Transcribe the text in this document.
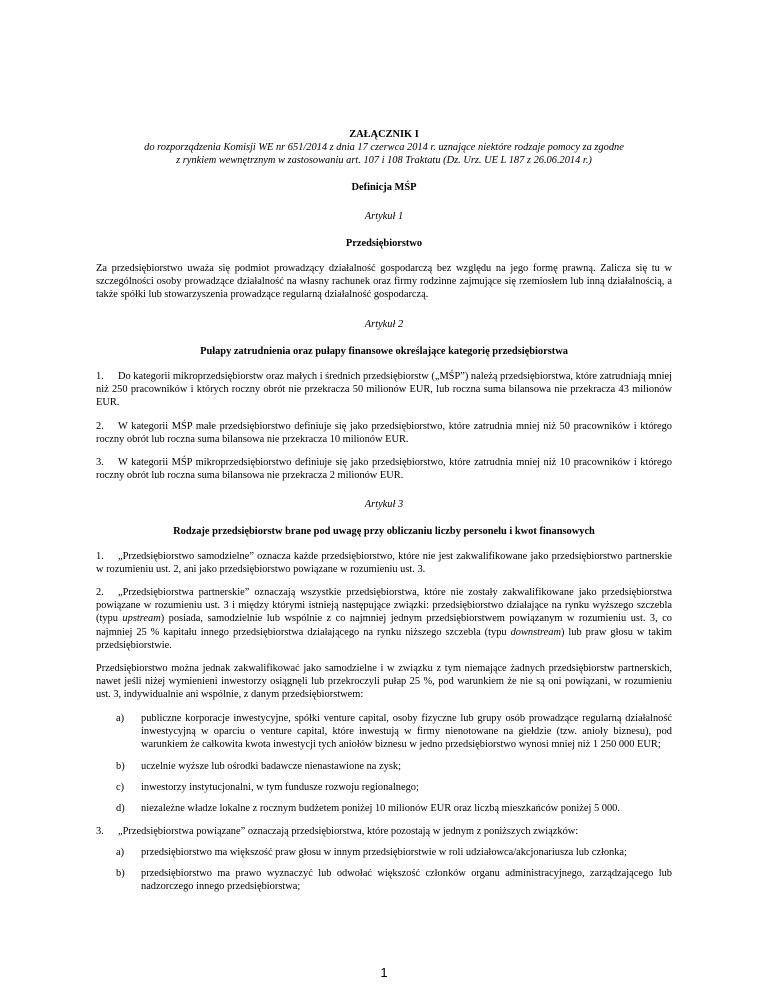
ZAŁĄCZNIK I
do rozporządzenia Komisji WE nr 651/2014 z dnia 17 czerwca 2014 r. uznające niektóre rodzaje pomocy za zgodne
z rynkiem wewnętrznym w zastosowaniu art. 107 i 108 Traktatu (Dz. Urz. UE L 187 z 26.06.2014 r.)
Definicja MŚP
Artykuł 1
Przedsiębiorstwo
Za przedsiębiorstwo uważa się podmiot prowadzący działalność gospodarczą bez względu na jego formę prawną. Zalicza się tu w szczególności osoby prowadzące działalność na własny rachunek oraz firmy rodzinne zajmujące się rzemiosłem lub inną działalnością, a także spółki lub stowarzyszenia prowadzące regularną działalność gospodarczą.
Artykuł 2
Pułapy zatrudnienia oraz pułapy finansowe określające kategorię przedsiębiorstwa
1.	Do kategorii mikroprzedsiębiorstw oraz małych i średnich przedsiębiorstw („MŚP”) należą przedsiębiorstwa, które zatrudniają mniej niż 250 pracowników i których roczny obrót nie przekracza 50 milionów EUR, lub roczna suma bilansowa nie przekracza 43 milionów EUR.
2.	W kategorii MŚP małe przedsiębiorstwo definiuje się jako przedsiębiorstwo, które zatrudnia mniej niż 50 pracowników i którego roczny obrót lub roczna suma bilansowa nie przekracza 10 milionów EUR.
3.	W kategorii MŚP mikroprzedsiębiorstwo definiuje się jako przedsiębiorstwo, które zatrudnia mniej niż 10 pracowników i którego roczny obrót lub roczna suma bilansowa nie przekracza 2 milionów EUR.
Artykuł 3
Rodzaje przedsiębiorstw brane pod uwagę przy obliczaniu liczby personelu i kwot finansowych
1.	„Przedsiębiorstwo samodzielne” oznacza każde przedsiębiorstwo, które nie jest zakwalifikowane jako przedsiębiorstwo partnerskie w rozumieniu ust. 2, ani jako przedsiębiorstwo powiązane w rozumieniu ust. 3.
2.	„Przedsiębiorstwa partnerskie” oznaczają wszystkie przedsiębiorstwa, które nie zostały zakwalifikowane jako przedsiębiorstwa powiązane w rozumieniu ust. 3 i między którymi istnieją następujące związki: przedsiębiorstwo działające na rynku wyższego szczebla (typu upstream) posiada, samodzielnie lub wspólnie z co najmniej jednym przedsiębiorstwem powiązanym w rozumieniu ust. 3, co najmniej 25 % kapitału innego przedsiębiorstwa działającego na rynku niższego szczebla (typu downstream) lub praw głosu w takim przedsiębiorstwie.
Przedsiębiorstwo można jednak zakwalifikować jako samodzielne i w związku z tym niemające żadnych przedsiębiorstw partnerskich, nawet jeśli niżej wymienieni inwestorzy osiągnęli lub przekroczyli pułap 25 %, pod warunkiem że nie są oni powiązani, w rozumieniu ust. 3, indywidualnie ani wspólnie, z danym przedsiębiorstwem:
a) publiczne korporacje inwestycyjne, spółki venture capital, osoby fizyczne lub grupy osób prowadzące regularną działalność inwestycyjną w oparciu o venture capital, które inwestują w firmy nienotowane na giełdzie (tzw. anioły biznesu), pod warunkiem że całkowita kwota inwestycji tych aniołów biznesu w jedno przedsiębiorstwo wynosi mniej niż 1 250 000 EUR;
b) uczelnie wyższe lub ośrodki badawcze nienastawione na zysk;
c) inwestorzy instytucjonalni, w tym fundusze rozwoju regionalnego;
d) niezależne władze lokalne z rocznym budżetem poniżej 10 milionów EUR oraz liczbą mieszkańców poniżej 5 000.
1
3.	„Przedsiębiorstwa powiązane” oznaczają przedsiębiorstwa, które pozostają w jednym z poniższych związków:
a) przedsiębiorstwo ma większość praw głosu w innym przedsiębiorstwie w roli udziałowca/akcjonariusza lub członka;
b) przedsiębiorstwo ma prawo wyznaczyć lub odwołać większość członków organu administracyjnego, zarządzającego lub nadzorczego innego przedsiębiorstwa;
